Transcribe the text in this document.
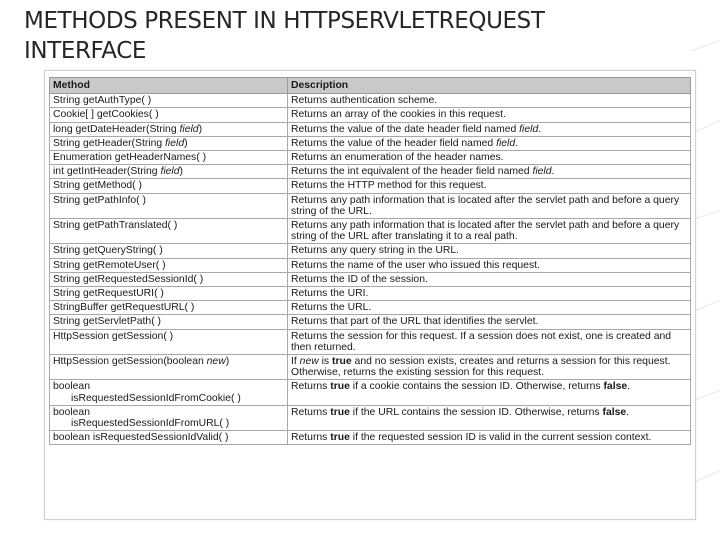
METHODS PRESENT IN HTTPSERVLETREQUEST
INTERFACE
Method	Description
String getAuthType( )	Returns authentication scheme.
Cookie[ ] getCookies( )	Returns an array of the cookies in this request.
long getDateHeader(String field)	Returns the value of the date header field named field.
String getHeader(String field)	Returns the value of the header field named field.
Enumeration getHeaderNames( )	Returns an enumeration of the header names.
int getIntHeader(String field)	Returns the int equivalent of the header field named field.
String getMethod( )	Returns the HTTP method for this request.
String getPathInfo( )	Returns any path information that is located after the servlet path and before a query string of the URL.
String getPathTranslated( )	Returns any path information that is located after the servlet path and before a query string of the URL after translating it to a real path.
String getQueryString( )	Returns any query string in the URL.
String getRemoteUser( )	Returns the name of the user who issued this request.
String getRequestedSessionId( )	Returns the ID of the session.
String getRequestURI( )	Returns the URI.
StringBuffer getRequestURL( )	Returns the URL.
String getServletPath( )	Returns that part of the URL that identifies the servlet.
HttpSession getSession( )	Returns the session for this request. If a session does not exist, one is created and then returned.
HttpSession getSession(boolean new)	If new is true and no session exists, creates and returns a session for this request. Otherwise, returns the existing session for this request.

boolean
isRequestedSessionIdFromCookie( )	Returns true if a cookie contains the session ID. Otherwise, returns false.

boolean
isRequestedSessionIdFromURL( )	Returns true if the URL contains the session ID. Otherwise, returns false.
boolean isRequestedSessionIdValid( )	Returns true if the requested session ID is valid in the current session context.
